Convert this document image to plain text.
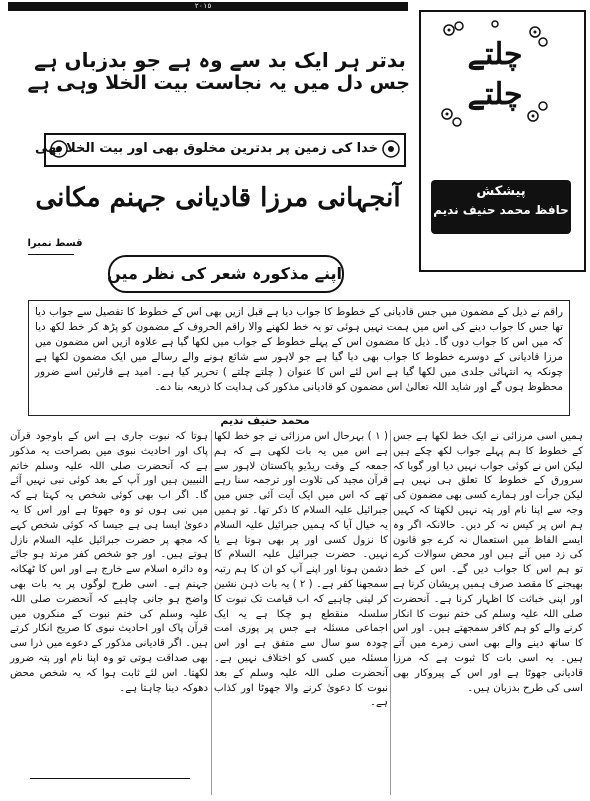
٢٠١٥
چلتے
چلتے
پیشکش
حافظ محمد حنیف ندیم
بدتر ہر ایک بد سے وہ ہے جو بدزباں ہے
جس دل میں یہ نجاست بیت الخلا وہی ہے
خدا کی زمین پر بدترین مخلوق بھی اور بیت الخلا بھی
آنجہانی مرزا قادیانی جہنم مکانی
قسط نمبرا
اپنے مذکورہ شعر کی نظر میں
راقم نے ذیل کے مضمون میں جس قادیانی کے خطوط کا جواب دیا ہے قبل ازیں بھی اس کے خطوط کا تفصیل سے جواب دیا تھا جس کا جواب دینے کی اس میں ہمت نہیں ہوئی تو یہ خط لکھنے والا راقم الحروف کے مضمون کو پڑھ کر خط لکھ دیا کہ میں اس کا جواب دوں گا۔ ذیل کا مضمون اس کے پہلے خطوط کے جواب میں لکھا گیا ہے علاوہ ازیں اس مضمون میں مرزا قادیانی کے دوسرے خطوط کا جواب بھی دیا گیا ہے جو لاہور سے شائع ہونے والے رسالے میں ایک مضمون لکھا ہے چونکہ یہ انتہائی جلدی میں لکھا گیا ہے اس لئے اس کا عنوان ( چلتے چلتے ) تحریر کیا ہے۔ امید ہے قارئین اسے ضرور محظوظ ہوں گے اور شاید اللہ تعالیٰ اس مضمون کو قادیانی مذکور کی ہدایت کا ذریعہ بنا دے۔
محمد حنیف ندیم
ہمیں اسی مرزائی نے ایک خط لکھا ہے جس کے خطوط کا ہم پہلے جواب لکھ چکے ہیں لیکن اس نے کوئی جواب نہیں دیا اور گویا کہ سرورق کے خطوط کا تعلق ہی نہیں ہے لیکن جرأت اور ہمارے کسی بھی مضمون کی وجہ سے اپنا نام اور پتہ نہیں لکھتا کہ کہیں ہم اس پر کیس نہ کر دیں۔ حالانکہ اگر وہ ایسے الفاظ میں استعمال نہ کرے جو قانون کی زد میں آتے ہیں اور محض سوالات کرے تو ہم اس کا جواب دیں گے۔ اس کے خط بھیجنے کا مقصد صرف ہمیں پریشان کرنا ہے اور اپنی خباثت کا اظہار کرنا ہے۔ آنحضرت صلی اللہ علیہ وسلم کی ختم نبوت کا انکار کرنے والے کو ہم کافر سمجھتے ہیں۔ اور اس کا ساتھ دینے والے بھی اسی زمرے میں آتے ہیں۔ یہ اسی بات کا ثبوت ہے کہ مرزا قادیانی جھوٹا ہے اور اس کے پیروکار بھی اسی کی طرح بدزبان ہیں۔
( ۱ ) بہرحال اس مرزائی نے جو خط لکھا ہے اس میں یہ بات لکھی ہے کہ ہم جمعہ کے وقت ریڈیو پاکستان لاہور سے قرآن مجید کی تلاوت اور ترجمہ سنا رہے تھے کہ اس میں ایک آیت آئی جس میں جبرائیل علیہ السلام کا ذکر تھا۔ تو ہمیں یہ خیال آیا کہ ہمیں جبرائیل علیہ السلام کا نزول کسی اور پر بھی ہوتا ہے یا نہیں۔ حضرت جبرائیل علیہ السلام کا دشمن ہونا اور اپنے آپ کو ان کا ہم رتبہ سمجھنا کفر ہے۔ ( ۲ ) یہ بات ذہن نشین کر لینی چاہیے کہ اب قیامت تک نبوت کا سلسلہ منقطع ہو چکا ہے یہ ایک اجماعی مسئلہ ہے جس پر پوری امت چودہ سو سال سے متفق ہے اور اس مسئلہ میں کسی کو اختلاف نہیں ہے۔ آنحضرت صلی اللہ علیہ وسلم کے بعد نبوت کا دعویٰ کرنے والا جھوٹا اور کذاب ہے۔
ہوتا کہ نبوت جاری ہے اس کے باوجود قرآن پاک اور احادیث نبوی میں بصراحت یہ مذکور ہے کہ آنحضرت صلی اللہ علیہ وسلم خاتم النبیین ہیں اور آپ کے بعد کوئی نبی نہیں آئے گا۔ اگر اب بھی کوئی شخص یہ کہتا ہے کہ میں نبی ہوں تو وہ جھوٹا ہے اور اس کا یہ دعویٰ ایسا ہی ہے جیسا کہ کوئی شخص کہے کہ مجھ پر حضرت جبرائیل علیہ السلام نازل ہوتے ہیں۔ اور جو شخص کفر مرتد ہو جائے وہ دائرہ اسلام سے خارج ہے اور اس کا ٹھکانہ جہنم ہے۔ اسی طرح لوگوں پر یہ بات بھی واضح ہو جانی چاہیے کہ آنحضرت صلی اللہ علیہ وسلم کی ختم نبوت کے منکروں میں قرآن پاک اور احادیث نبوی کا صریح انکار کرتے ہیں۔ اگر قادیانی مذکور کے دعوے میں ذرا سی بھی صداقت ہوتی تو وہ اپنا نام اور پتہ ضرور لکھتا۔ اس لئے ثابت ہوا کہ یہ شخص محض دھوکہ دینا چاہتا ہے۔
